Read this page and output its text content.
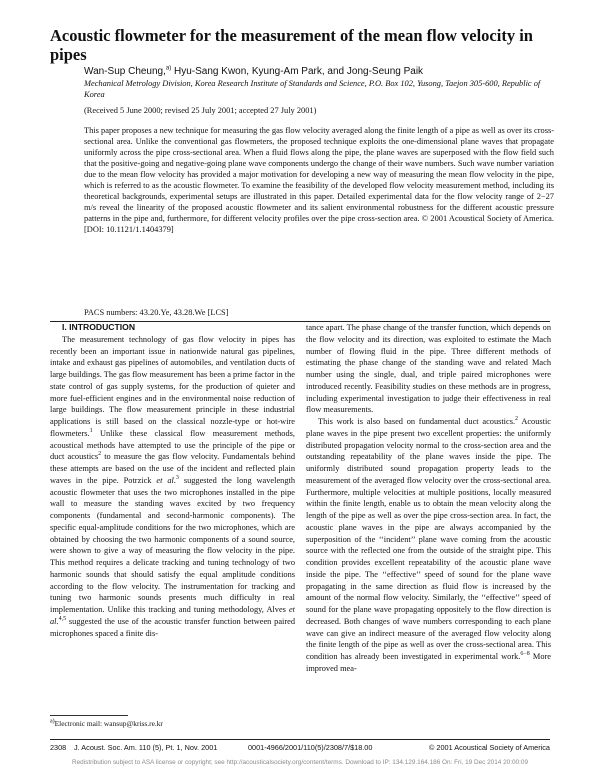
Acoustic flowmeter for the measurement of the mean flow velocity in pipes
Wan-Sup Cheung,$^{a)}$ Hyu-Sang Kwon, Kyung-Am Park, and Jong-Seung Paik
Mechanical Metrology Division, Korea Research Institute of Standards and Science, P.O. Box 102, Yusong, Taejon 305-600, Republic of Korea
(Received 5 June 2000; revised 25 July 2001; accepted 27 July 2001)

This paper proposes a new technique for measuring the gas flow velocity averaged along the finite length of a pipe as well as over its cross-sectional area. Unlike the conventional gas flowmeters, the proposed technique exploits the one-dimensional plane waves that propagate uniformly across the pipe cross-sectional area. When a fluid flows along the pipe, the plane waves are superposed with the flow field such that the positive-going and negative-going plane wave components undergo the change of their wave numbers. Such wave number variation due to the mean flow velocity has provided a major motivation for developing a new way of measuring the mean flow velocity in the pipe, which is referred to as the acoustic flowmeter. To examine the feasibility of the developed flow velocity measurement method, including its theoretical backgrounds, experimental setups are illustrated in this paper. Detailed experimental data for the flow velocity range of 2−27 m/s reveal the linearity of the proposed acoustic flowmeter and its salient environmental robustness for the different acoustic pressure patterns in the pipe and, furthermore, for different velocity profiles over the pipe cross-section area. © 2001 Acoustical Society of America. [DOI: 10.1121/1.1404379]

PACS numbers: 43.20.Ye, 43.28.We [LCS]

I. INTRODUCTION

The measurement technology of gas flow velocity in pipes has recently been an important issue in nationwide natural gas pipelines, intake and exhaust gas pipelines of automobiles, and ventilation ducts of large buildings. The gas flow measurement has been a prime factor in the state control of gas supply systems, for the production of quieter and more fuel-efficient engines and in the environmental noise reduction of large buildings. The flow measurement principle in these industrial applications is still based on the classical nozzle-type or hot-wire flowmeters.$^1$ Unlike these classical flow measurement methods, acoustical methods have attempted to use the principle of the pipe or duct acoustics$^2$ to measure the gas flow velocity. Fundamentals behind these attempts are based on the use of the incident and reflected plain waves in the pipe. Potrzick et al.$^3$ suggested the long wavelength acoustic flowmeter that uses the two microphones installed in the pipe wall to measure the standing waves excited by two frequency components (fundamental and second-harmonic components). The specific equal-amplitude conditions for the two microphones, which are obtained by choosing the two harmonic components of a sound source, were shown to give a way of measuring the flow velocity in the pipe. This method requires a delicate tracking and tuning technology of two harmonic sounds that should satisfy the equal amplitude conditions according to the flow velocity. The instrumentation for tracking and tuning two harmonic sounds presents much difficulty in real implementation. Unlike this tracking and tuning methodology, Alves et al.$^{4,5}$ suggested the use of the acoustic transfer function between paired microphones spaced a finite dis-

tance apart. The phase change of the transfer function, which depends on the flow velocity and its direction, was exploited to estimate the Mach number of flowing fluid in the pipe. Three different methods of estimating the phase change of the standing wave and related Mach number using the single, dual, and triple paired microphones were introduced recently. Feasibility studies on these methods are in progress, including experimental investigation to judge their effectiveness in real flow measurements.

This work is also based on fundamental duct acoustics.$^2$ Acoustic plane waves in the pipe present two excellent properties: the uniformly distributed propagation velocity normal to the cross-section area and the outstanding repeatability of the plane waves inside the pipe. The uniformly distributed sound propagation property leads to the measurement of the averaged flow velocity over the cross-sectional area. Furthermore, multiple velocities at multiple positions, locally measured within the finite length, enable us to obtain the mean velocity along the length of the pipe as well as over the pipe cross-section area. In fact, the acoustic plane waves in the pipe are always accompanied by the superposition of the ‘‘incident’’ plane wave coming from the acoustic source with the reflected one from the outside of the straight pipe. This condition provides excellent repeatability of the acoustic plane wave inside the pipe. The ‘‘effective’’ speed of sound for the plane wave propagating in the same direction as fluid flow is increased by the amount of the normal flow velocity. Similarly, the ‘‘effective’’ speed of sound for the plane wave propagating oppositely to the flow direction is decreased. Both changes of wave numbers corresponding to each plane wave can give an indirect measure of the averaged flow velocity along the finite length of the pipe as well as over the cross-sectional area. This condition has already been investigated in experimental work.$^{6-8}$ More improved mea-

$^{a)}$Electronic mail: wansup@kriss.re.kr
2308 J. Acoust. Soc. Am. 110 (5), Pt. 1, Nov. 2001	0001-4966/2001/110(5)/2308/7/$18.00	© 2001 Acoustical Society of America
Redistribution subject to ASA license or copyright; see http://acousticalsociety.org/content/terms. Download to IP: 134.129.164.186 On: Fri, 19 Dec 2014 20:00:09
